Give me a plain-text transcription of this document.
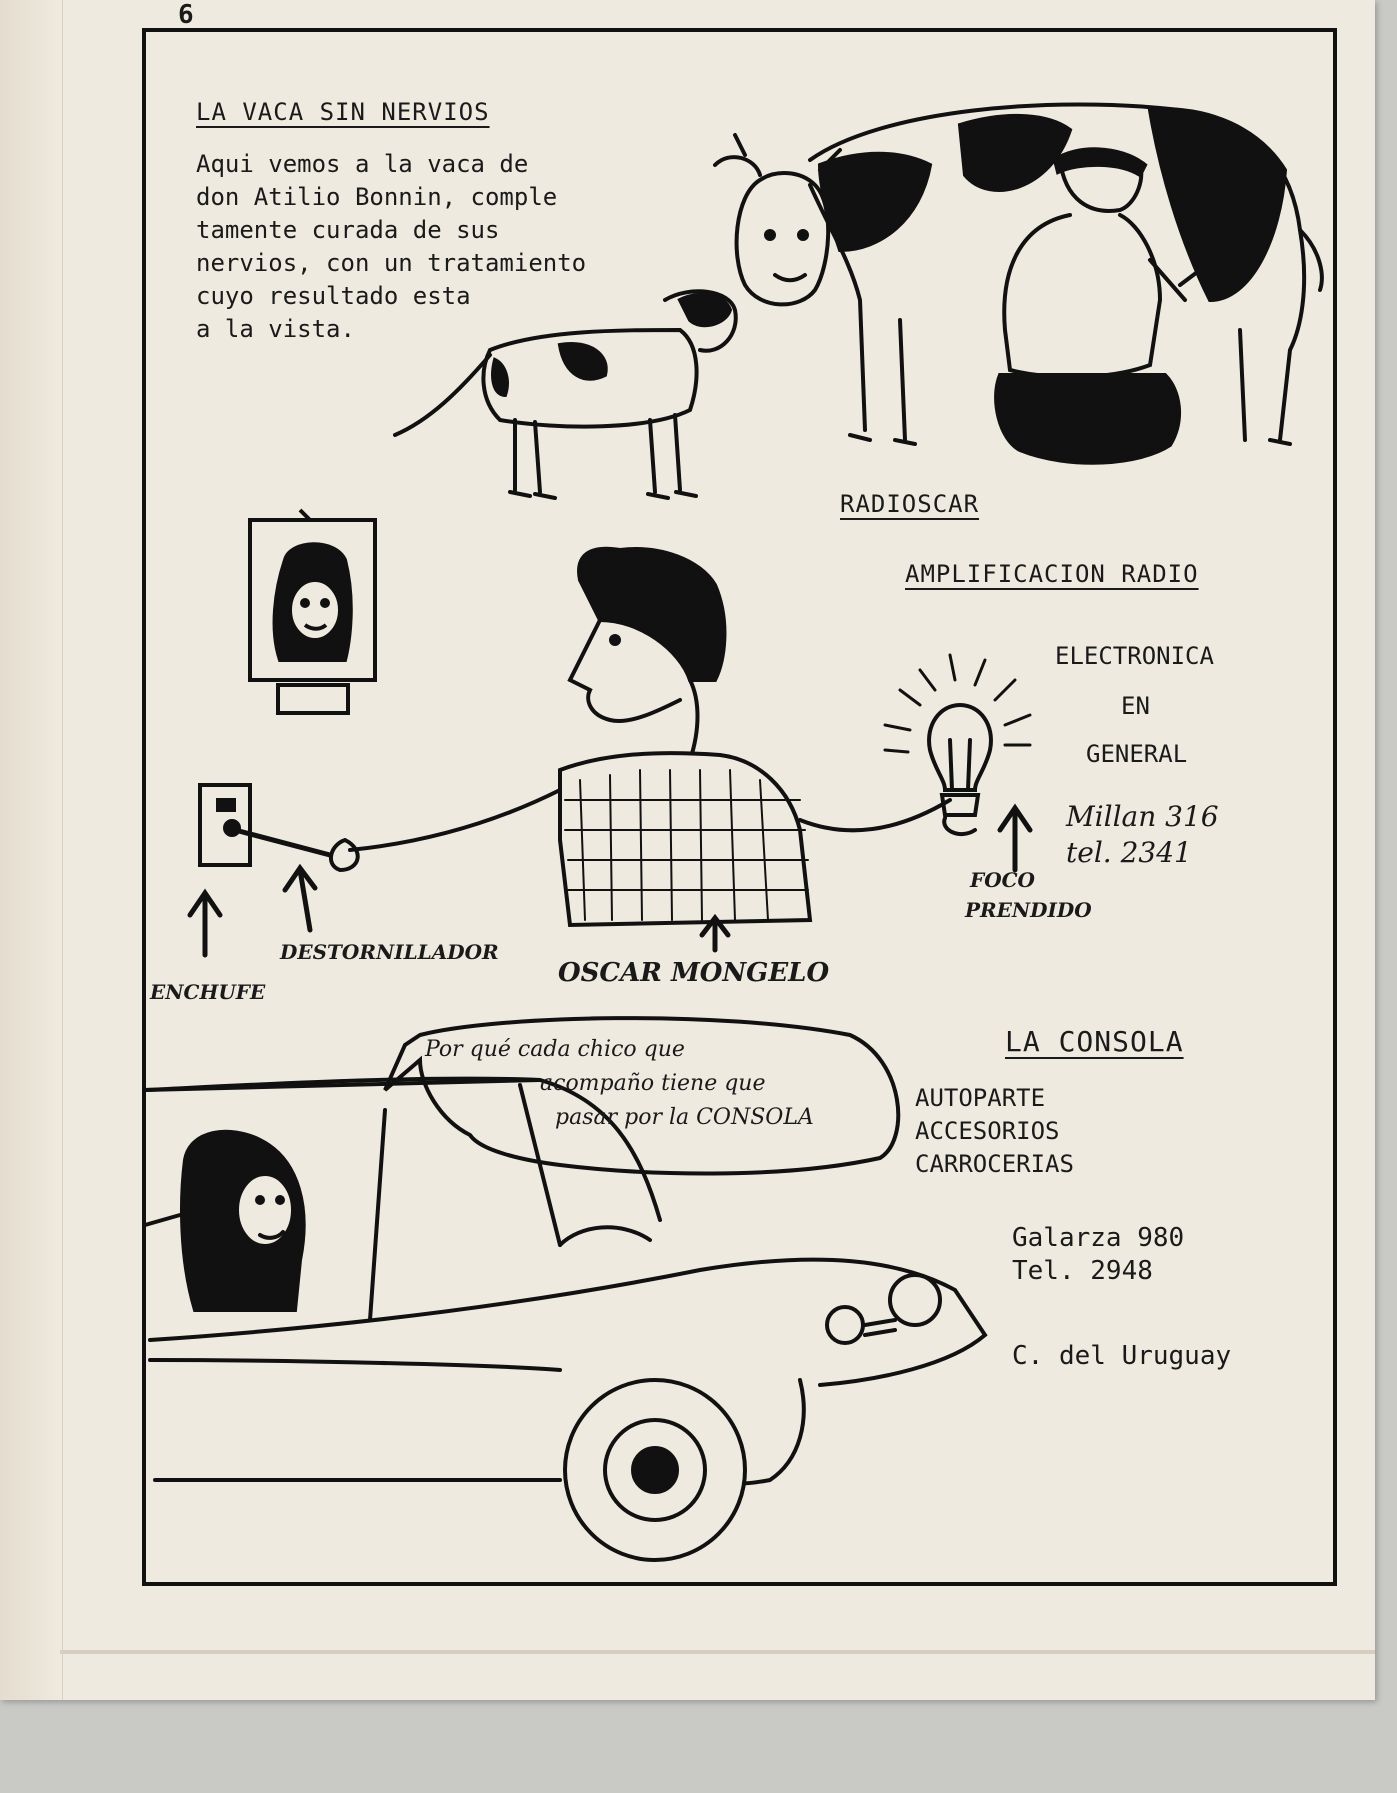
6
LA VACA SIN NERVIOS
Aqui vemos a la vaca de
don Atilio Bonnin, comple
tamente curada de sus
nervios, con un tratamiento
cuyo resultado esta
a la vista.
RADIOSCAR
AMPLIFICACION RADIO
ELECTRONICA
EN
GENERAL
Millan 316
tel. 2341
ENCHUFE
DESTORNILLADOR
OSCAR MONGELO
FOCO
PRENDIDO
LA CONSOLA
AUTOPARTE
ACCESORIOS
CARROCERIAS
Galarza 980
Tel. 2948
C. del Uruguay
Por qué cada chico que
acompaño tiene que
pasar por la CONSOLA
